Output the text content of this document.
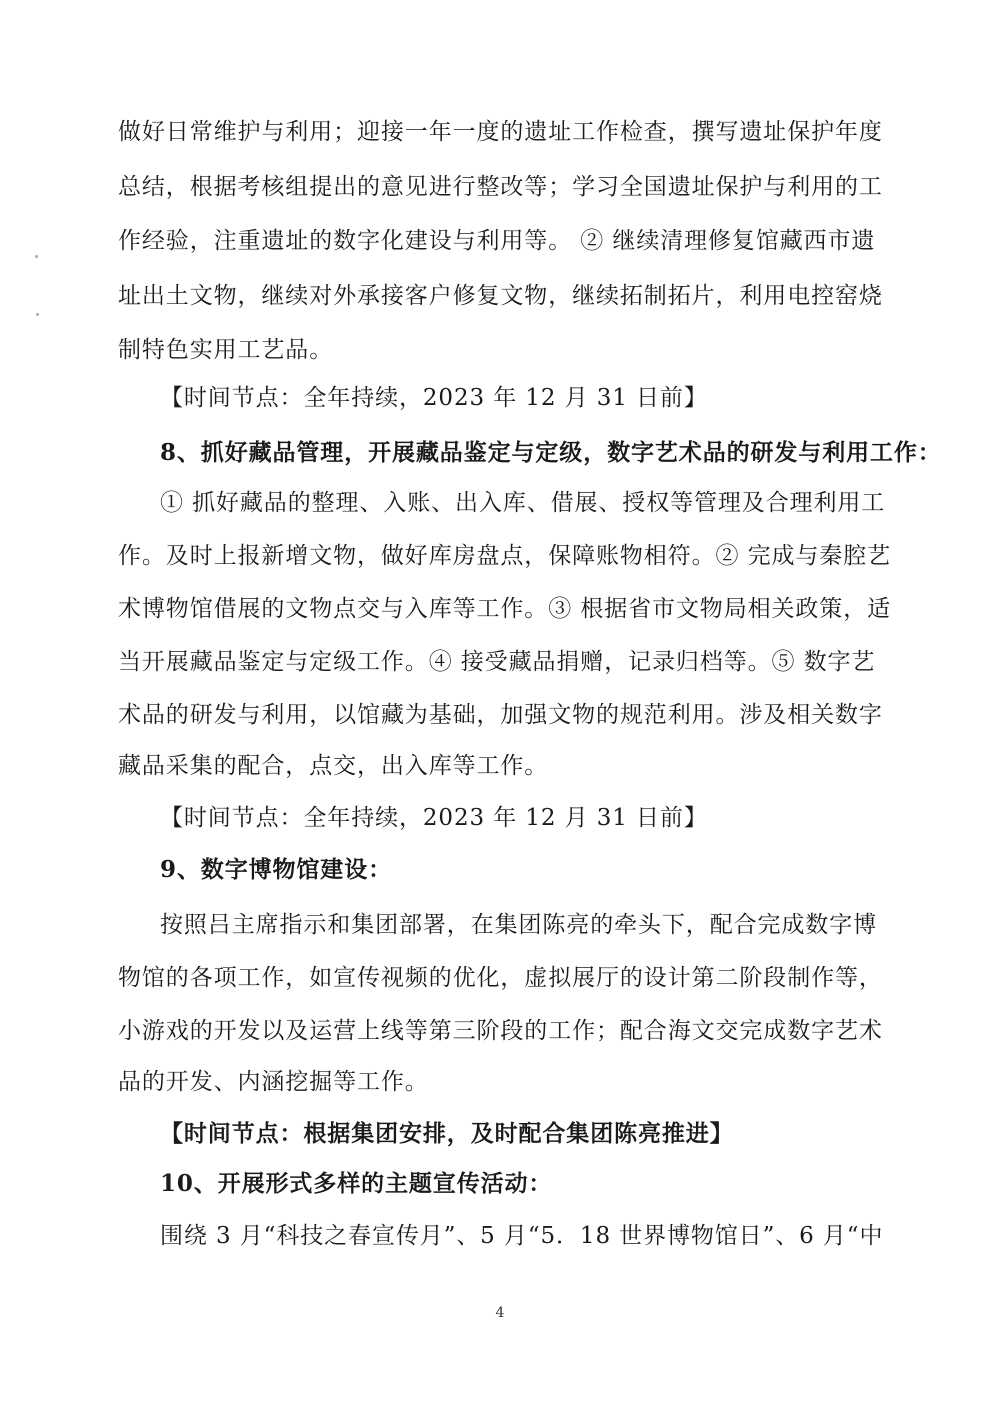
做好日常维护与利用；迎接一年一度的遗址工作检查，撰写遗址保护年度
总结，根据考核组提出的意见进行整改等；学习全国遗址保护与利用的工
作经验，注重遗址的数字化建设与利用等。 ② 继续清理修复馆藏西市遗
址出土文物，继续对外承接客户修复文物，继续拓制拓片，利用电控窑烧
制特色实用工艺品。
【时间节点：全年持续，2023 年 12 月 31 日前】
8、抓好藏品管理，开展藏品鉴定与定级，数字艺术品的研发与利用工作：
① 抓好藏品的整理、入账、出入库、借展、授权等管理及合理利用工
作。及时上报新增文物，做好库房盘点，保障账物相符。② 完成与秦腔艺
术博物馆借展的文物点交与入库等工作。③ 根据省市文物局相关政策，适
当开展藏品鉴定与定级工作。④ 接受藏品捐赠，记录归档等。⑤ 数字艺
术品的研发与利用，以馆藏为基础，加强文物的规范利用。涉及相关数字
藏品采集的配合，点交，出入库等工作。
【时间节点：全年持续，2023 年 12 月 31 日前】
9、数字博物馆建设：
按照吕主席指示和集团部署，在集团陈亮的牵头下，配合完成数字博
物馆的各项工作，如宣传视频的优化，虚拟展厅的设计第二阶段制作等，
小游戏的开发以及运营上线等第三阶段的工作；配合海文交完成数字艺术
品的开发、内涵挖掘等工作。
【时间节点：根据集团安排，及时配合集团陈亮推进】
10、开展形式多样的主题宣传活动：
围绕 3 月“科技之春宣传月”、5 月“5．18 世界博物馆日”、6 月“中
4
